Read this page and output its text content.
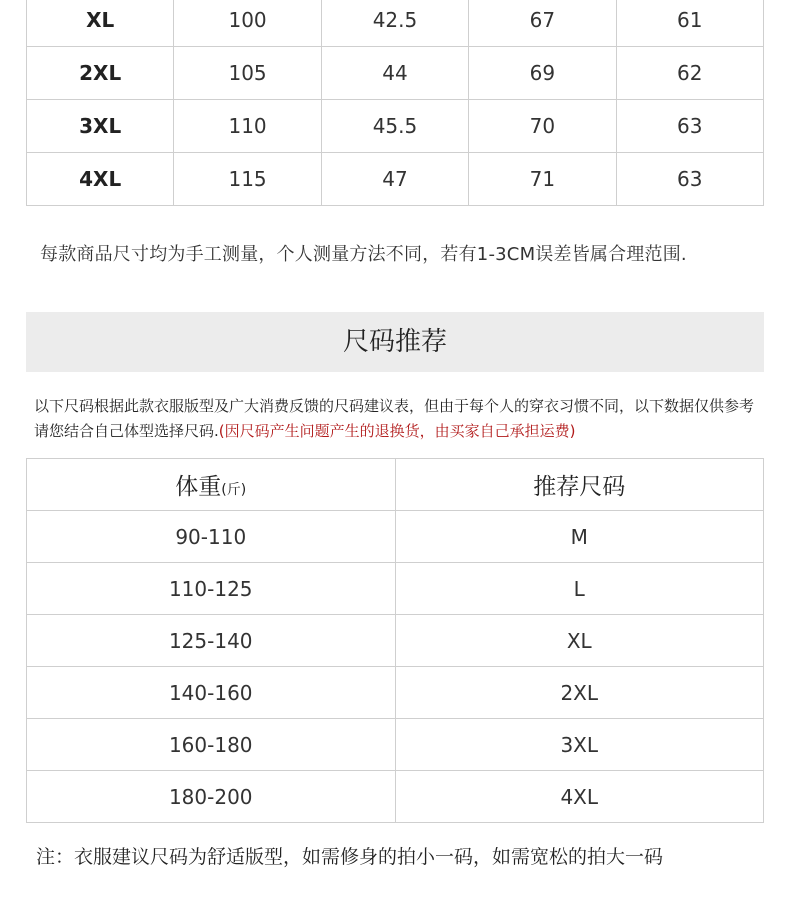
XL	100	42.5	67	61
2XL	105	44	69	62
3XL	110	45.5	70	63
4XL	115	47	71	63
每款商品尺寸均为手工测量，个人测量方法不同，若有1-3CM误差皆属合理范围.
尺码推荐
以下尺码根据此款衣服版型及广大消费反馈的尺码建议表，但由于每个人的穿衣习惯不同，以下数据仅供参考请您结合自己体型选择尺码.(因尺码产生问题产生的退换货，由买家自己承担运费)
体重(斤)	推荐尺码
90-110	M
110-125	L
125-140	XL
140-160	2XL
160-180	3XL
180-200	4XL
注：衣服建议尺码为舒适版型，如需修身的拍小一码，如需宽松的拍大一码
